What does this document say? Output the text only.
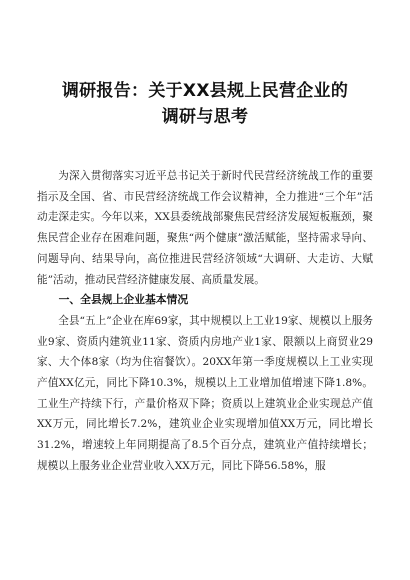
调研报告：关于XX县规上民营企业的
调研与思考

为深入贯彻落实习近平总书记关于新时代民营经济统战工作的重要指示及全国、省、市民营经济统战工作会议精神，全力推进“三个年”活动走深走实。今年以来，XX县委统战部聚焦民营经济发展短板瓶颈，聚焦民营企业存在困难问题，聚焦“两个健康”激活赋能，坚持需求导向、问题导向、结果导向，高位推进民营经济领域“大调研、大走访、大赋能”活动，推动民营经济健康发展、高质量发展。

一、全县规上企业基本情况

全县“五上”企业在库69家，其中规模以上工业19家、规模以上服务业9家、资质内建筑业11家、资质内房地产业1家、限额以上商贸业29家、大个体8家（均为住宿餐饮）。20XX年第一季度规模以上工业实现产值XX亿元，同比下降10.3%，规模以上工业增加值增速下降1.8%。工业生产持续下行，产量价格双下降；资质以上建筑业企业实现总产值XX万元，同比增长7.2%，建筑业企业实现增加值XX万元，同比增长31.2%，增速较上年同期提高了8.5个百分点，建筑业产值持续增长；规模以上服务业企业营业收入XX万元，同比下降56.58%，服
